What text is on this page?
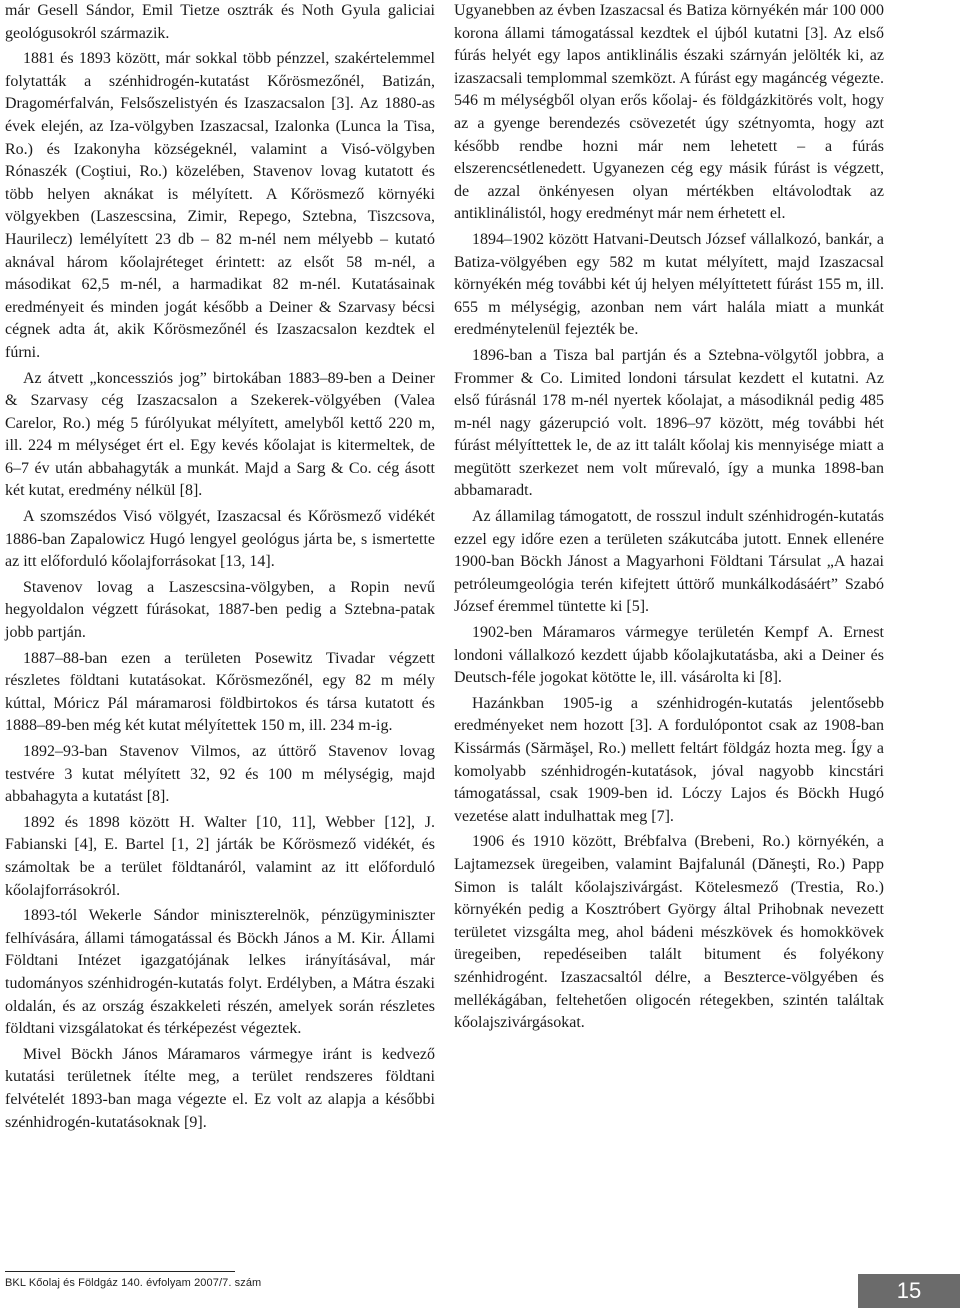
már Gesell Sándor, Emil Tietze osztrák és Noth Gyula galiciai geológusokról származik.

1881 és 1893 között, már sokkal több pénzzel, szakértelemmel folytatták a szénhidrogén-kutatást Kőrösmezőnél, Batizán, Dragomérfalván, Felsőszelistyén és Izaszacsalon [3]. Az 1880-as évek elején, az Iza-völgyben Izaszacsal, Izalonka (Lunca la Tisa, Ro.) és Izakonyha községeknél, valamint a Visó-völgyben Rónaszék (Coştiui, Ro.) közelében, Stavenov lovag kutatott és több helyen aknákat is mélyített. A Kőrösmező környéki völgyekben (Laszescsina, Zimir, Repego, Sztebna, Tiszcsova, Haurilecz) lemélyített 23 db – 82 m-nél nem mélyebb – kutató aknával három kőolajréteget érintett: az elsőt 58 m-nél, a másodikat 62,5 m-nél, a harmadikat 82 m-nél. Kutatásainak eredményeit és minden jogát később a Deiner & Szarvasy bécsi cégnek adta át, akik Kőrösmezőnél és Izaszacsalon kezdtek el fúrni.

Az átvett „koncessziós jog” birtokában 1883–89-ben a Deiner & Szarvasy cég Izaszacsalon a Szekerek-völgyében (Valea Carelor, Ro.) még 5 fúrólyukat mélyített, amelyből kettő 220 m, ill. 224 m mélységet ért el. Egy kevés kőolajat is kitermeltek, de 6–7 év után abbahagyták a munkát. Majd a Sarg & Co. cég ásott két kutat, eredmény nélkül [8].

A szomszédos Visó völgyét, Izaszacsal és Kőrösmező vidékét 1886-ban Zapalowicz Hugó lengyel geológus járta be, s ismertette az itt előforduló kőolajforrásokat [13, 14].

Stavenov lovag a Laszescsina-völgyben, a Ropin nevű hegyoldalon végzett fúrásokat, 1887-ben pedig a Sztebna-patak jobb partján.

1887–88-ban ezen a területen Posewitz Tivadar végzett részletes földtani kutatásokat. Kőrösmezőnél, egy 82 m mély kúttal, Móricz Pál máramarosi földbirtokos és társa kutatott és 1888–89-ben még két kutat mélyítettek 150 m, ill. 234 m-ig.

1892–93-ban Stavenov Vilmos, az úttörő Stavenov lovag testvére 3 kutat mélyített 32, 92 és 100 m mélységig, majd abbahagyta a kutatást [8].

1892 és 1898 között H. Walter [10, 11], Webber [12], J. Fabianski [4], E. Bartel [1, 2] járták be Kőrösmező vidékét, és számoltak be a terület földtanáról, valamint az itt előforduló kőolajforrásokról.

1893-tól Wekerle Sándor miniszterelnök, pénzügyminiszter felhívására, állami támogatással és Böckh János a M. Kir. Állami Földtani Intézet igazgatójának lelkes irányításával, már tudományos szénhidrogén-kutatás folyt. Erdélyben, a Mátra északi oldalán, és az ország északkeleti részén, amelyek során részletes földtani vizsgálatokat és térképezést végeztek.

Mivel Böckh János Máramaros vármegye iránt is kedvező kutatási területnek ítélte meg, a terület rendszeres földtani felvételét 1893-ban maga végezte el. Ez volt az alapja a későbbi szénhidrogén-kutatásoknak [9].

Ugyanebben az évben Izaszacsal és Batiza környékén már 100 000 korona állami támogatással kezdtek el újból kutatni [3]. Az első fúrás helyét egy lapos antiklinális északi szárnyán jelölték ki, az izaszacsali templommal szemközt. A fúrást egy magáncég végezte. 546 m mélységből olyan erős kőolaj- és földgázkitörés volt, hogy az a gyenge berendezés csövezetét úgy szétnyomta, hogy azt később rendbe hozni már nem lehetett – a fúrás elszerencsétlenedett. Ugyanezen cég egy másik fúrást is végzett, de azzal önkényesen olyan mértékben eltávolodtak az antiklinálistól, hogy eredményt már nem érhetett el.

1894–1902 között Hatvani-Deutsch József vállalkozó, bankár, a Batiza-völgyében egy 582 m kutat mélyített, majd Izaszacsal környékén még további két új helyen mélyíttetett fúrást 155 m, ill. 655 m mélységig, azonban nem várt halála miatt a munkát eredménytelenül fejezték be.

1896-ban a Tisza bal partján és a Sztebna-völgytől jobbra, a Frommer & Co. Limited londoni társulat kezdett el kutatni. Az első fúrásnál 178 m-nél nyertek kőolajat, a másodiknál pedig 485 m-nél nagy gázerupció volt. 1896–97 között, még további hét fúrást mélyíttettek le, de az itt talált kőolaj kis mennyisége miatt a megütött szerkezet nem volt műrevaló, így a munka 1898-ban abbamaradt.

Az államilag támogatott, de rosszul indult szénhidrogén-kutatás ezzel egy időre ezen a területen szákutcába jutott. Ennek ellenére 1900-ban Böckh Jánost a Magyarhoni Földtani Társulat „A hazai petróleumgeológia terén kifejtett úttörő munkálkodásáért” Szabó József éremmel tüntette ki [5].

1902-ben Máramaros vármegye területén Kempf A. Ernest londoni vállalkozó kezdett újabb kőolajkutatásba, aki a Deiner és Deutsch-féle jogokat kötötte le, ill. vásárolta ki [8].

Hazánkban 1905-ig a szénhidrogén-kutatás jelentősebb eredményeket nem hozott [3]. A fordulópontot csak az 1908-ban Kissármás (Sărmăşel, Ro.) mellett feltárt földgáz hozta meg. Így a komolyabb szénhidrogén-kutatások, jóval nagyobb kincstári támogatással, csak 1909-ben id. Lóczy Lajos és Böckh Hugó vezetése alatt indulhattak meg [7].

1906 és 1910 között, Brébfalva (Brebeni, Ro.) környékén, a Lajtamezsek üregeiben, valamint Bajfalunál (Dăneşti, Ro.) Papp Simon is talált kőolajszivárgást. Kötelesmező (Trestia, Ro.) környékén pedig a Kosztróbert György által Prihobnak nevezett területet vizsgálta meg, ahol bádeni mészkövek és homokkövek üregeiben, repedéseiben talált bitument és folyékony szénhidrogént. Izaszacsaltól délre, a Beszterce-völgyében és mellékágában, feltehetően oligocén rétegekben, szintén találtak kőolajszivárgásokat.

BKL Kőolaj és Földgáz 140. évfolyam 2007/7. szám	15
